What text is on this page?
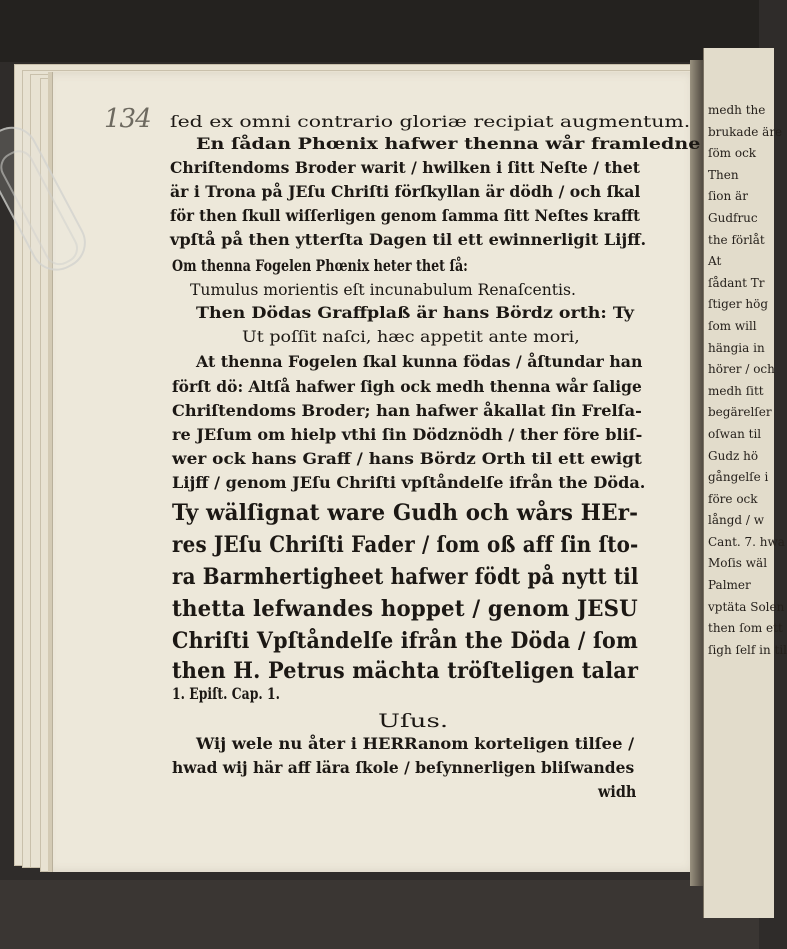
medh the
brukade äre
ſöm ock
Then
ſion är
Gudfruc
the förlåt
At
ſådant Tr
ſtiger hög
ſom will
hängia in
hörer / och
medh ſitt
begärelſer
oſwan til
Gudz hö
gångelſe i
före ock
långd / w
Cant. 7. hwa
Moſis wäl
Palmer
vptäta Solen
then ſom ett
ſigh ſelf in til
134 ſed ex omni contrario gloriæ recipiat augmentum.
En ſådan Phœnix hafwer thenna wår framledne
Chriſtendoms Broder warit / hwilken i ſitt Neſte / thet
är i Trona på JEſu Chriſti förſkyllan är dödh / och ſkal
för then ſkull wiſſerligen genom ſamma ſitt Neſtes krafft
vpſtå på then ytterſta Dagen til ett ewinnerligit Lijff.
Om thenna Fogelen Phœnix heter thet ſå:
Tumulus morientis eſt incunabulum Renaſcentis.
Then Dödas Graffplaß är hans Bördz orth: Ty
Ut poſſit naſci, hæc appetit ante mori,
At thenna Fogelen ſkal kunna födas / åſtundar han
förſt dö: Altſå hafwer ſigh ock medh thenna wår ſalige
Chriſtendoms Broder; han hafwer åkallat ſin Frelſa-
re JEſum om hielp vthi ſin Dödznödh / ther före bliſ-
wer ock hans Graff / hans Bördz Orth til ett ewigt
Lijff / genom JEſu Chriſti vpſtåndelſe ifrån the Döda.
Ty wälſignat ware Gudh och wårs HEr-
res JEſu Chriſti Fader / ſom oß aff ſin ſto-
ra Barmhertigheet hafwer födt på nytt til
thetta lefwandes hoppet / genom JESU
Chriſti Vpſtåndelſe ifrån the Döda / ſom
then H. Petrus mächta tröſteligen talar
1. Epiſt. Cap. 1.
Uſus.
Wij wele nu åter i HERRanom korteligen tilſee /
hwad wij här aff lära ſkole / beſynnerligen bliſwandes
widh
